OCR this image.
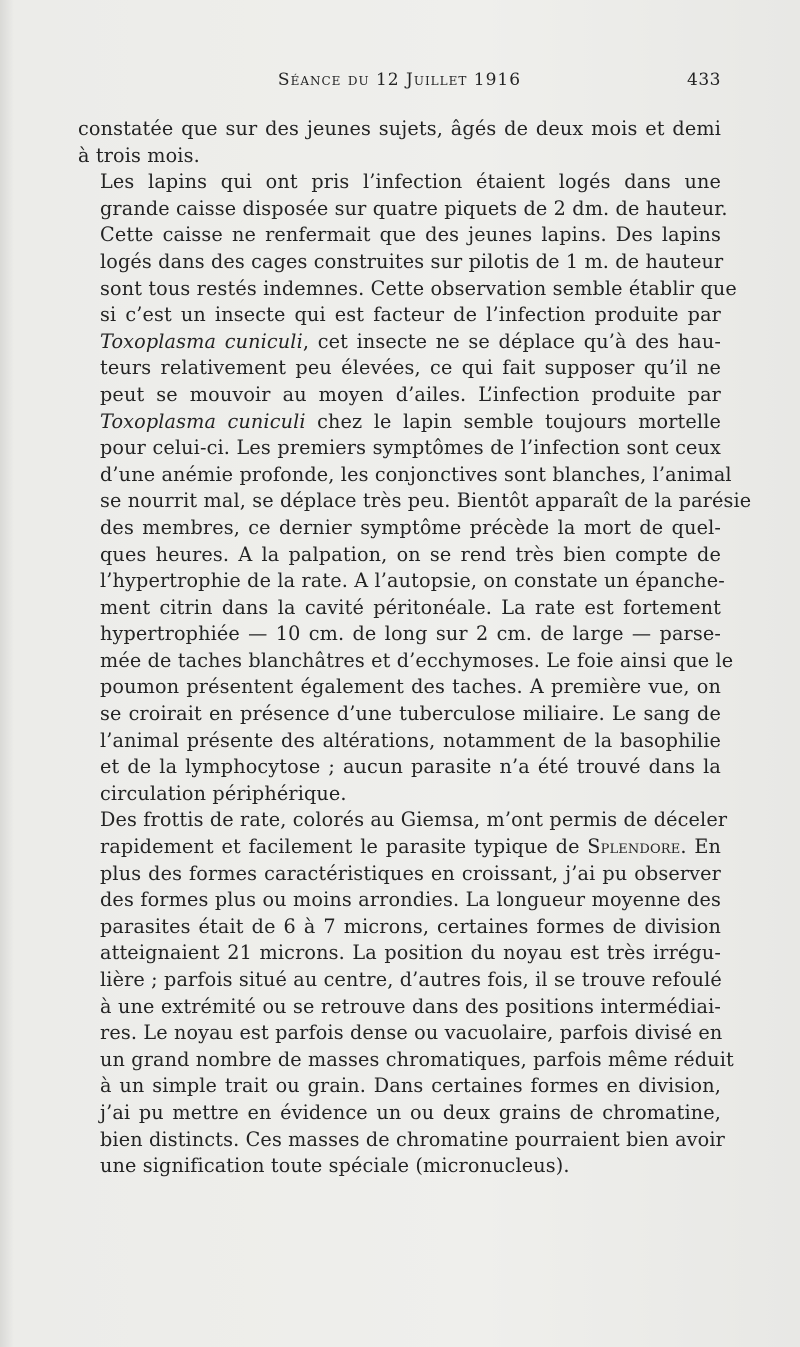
Séance du 12 Juillet 1916	433

constatée que sur des jeunes sujets, âgés de deux mois et demi
à trois mois.

Les lapins qui ont pris l’infection étaient logés dans une
grande caisse disposée sur quatre piquets de 2 dm. de hauteur.
Cette caisse ne renfermait que des jeunes lapins. Des lapins
logés dans des cages construites sur pilotis de 1 m. de hauteur
sont tous restés indemnes. Cette observation semble établir que
si c’est un insecte qui est facteur de l’infection produite par
Toxoplasma cuniculi, cet insecte ne se déplace qu’à des hau-
teurs relativement peu élevées, ce qui fait supposer qu’il ne
peut se mouvoir au moyen d’ailes. L’infection produite par
Toxoplasma cuniculi chez le lapin semble toujours mortelle
pour celui-ci. Les premiers symptômes de l’infection sont ceux
d’une anémie profonde, les conjonctives sont blanches, l’animal
se nourrit mal, se déplace très peu. Bientôt apparaît de la parésie
des membres, ce dernier symptôme précède la mort de quel-
ques heures. A la palpation, on se rend très bien compte de
l’hypertrophie de la rate. A l’autopsie, on constate un épanche-
ment citrin dans la cavité péritonéale. La rate est fortement
hypertrophiée — 10 cm. de long sur 2 cm. de large — parse-
mée de taches blanchâtres et d’ecchymoses. Le foie ainsi que le
poumon présentent également des taches. A première vue, on
se croirait en présence d’une tuberculose miliaire. Le sang de
l’animal présente des altérations, notamment de la basophilie
et de la lymphocytose ; aucun parasite n’a été trouvé dans la
circulation périphérique.

Des frottis de rate, colorés au Giemsa, m’ont permis de déceler
rapidement et facilement le parasite typique de Splendore. En
plus des formes caractéristiques en croissant, j’ai pu observer
des formes plus ou moins arrondies. La longueur moyenne des
parasites était de 6 à 7 microns, certaines formes de division
atteignaient 21 microns. La position du noyau est très irrégu-
lière ; parfois situé au centre, d’autres fois, il se trouve refoulé
à une extrémité ou se retrouve dans des positions intermédiai-
res. Le noyau est parfois dense ou vacuolaire, parfois divisé en
un grand nombre de masses chromatiques, parfois même réduit
à un simple trait ou grain. Dans certaines formes en division,
j’ai pu mettre en évidence un ou deux grains de chromatine,
bien distincts. Ces masses de chromatine pourraient bien avoir
une signification toute spéciale (micronucleus).
